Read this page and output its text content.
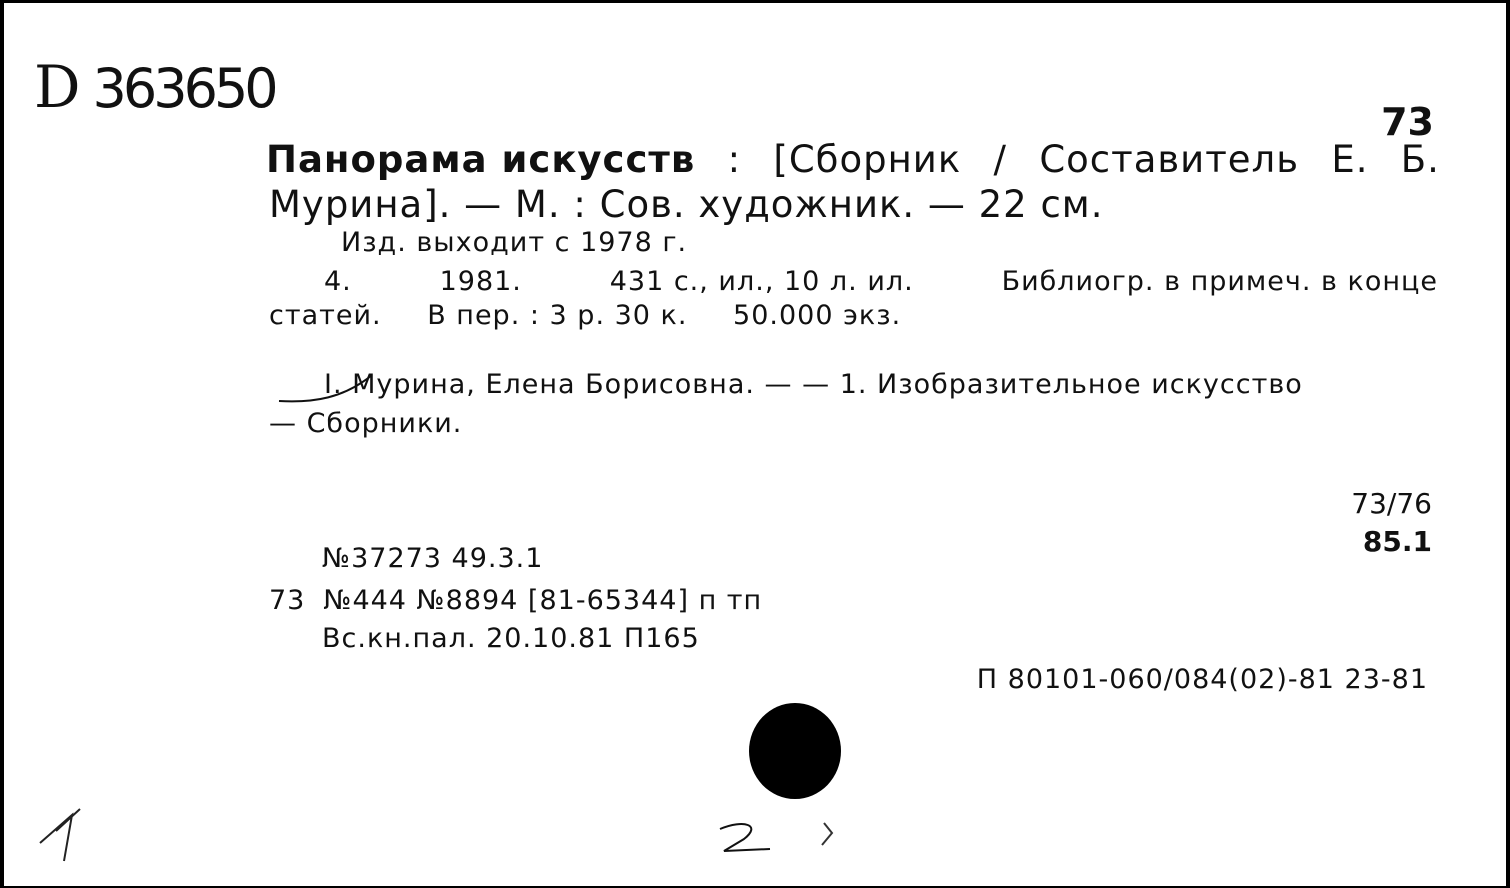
D 363650
73
Панорама искусств : [Сборник / Составитель Е. Б.
Мурина]. — М. : Сов. художник. — 22 см.
Изд. выходит с 1978 г.
4.	1981.	431 с., ил., 10 л. ил.	Библиогр. в примеч. в конце
статей. В пер. : 3 р. 30 к. 50.000 экз.
I. Мурина, Елена Борисовна. — — 1. Изобразительное искусство
— Сборники.
73/76
85.1
№37273 49.3.1
73 №444 №8894 [81-65344] п тп
Вс.кн.пал. 20.10.81 П165
П 80101-060/084(02)-81 23-81
